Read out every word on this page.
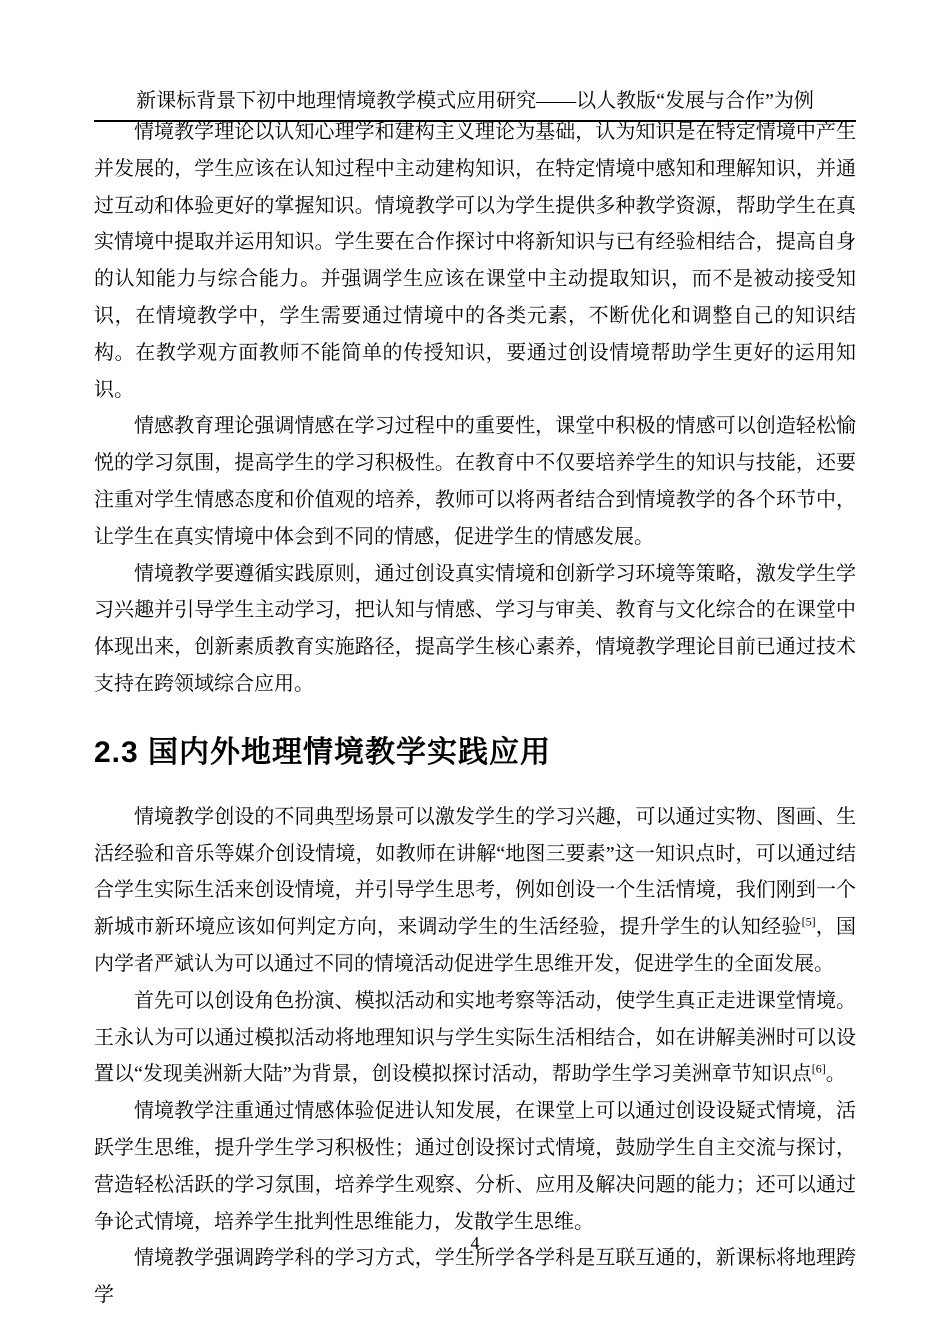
新课标背景下初中地理情境教学模式应用研究——以人教版“发展与合作”为例

情境教学理论以认知心理学和建构主义理论为基础，认为知识是在特定情境中产生并发展的，学生应该在认知过程中主动建构知识，在特定情境中感知和理解知识，并通过互动和体验更好的掌握知识。情境教学可以为学生提供多种教学资源，帮助学生在真实情境中提取并运用知识。学生要在合作探讨中将新知识与已有经验相结合，提高自身的认知能力与综合能力。并强调学生应该在课堂中主动提取知识，而不是被动接受知识，在情境教学中，学生需要通过情境中的各类元素，不断优化和调整自己的知识结构。在教学观方面教师不能简单的传授知识，要通过创设情境帮助学生更好的运用知识。

情感教育理论强调情感在学习过程中的重要性，课堂中积极的情感可以创造轻松愉悦的学习氛围，提高学生的学习积极性。在教育中不仅要培养学生的知识与技能，还要注重对学生情感态度和价值观的培养，教师可以将两者结合到情境教学的各个环节中，让学生在真实情境中体会到不同的情感，促进学生的情感发展。

情境教学要遵循实践原则，通过创设真实情境和创新学习环境等策略，激发学生学习兴趣并引导学生主动学习，把认知与情感、学习与审美、教育与文化综合的在课堂中体现出来，创新素质教育实施路径，提高学生核心素养，情境教学理论目前已通过技术支持在跨领域综合应用。

2.3 国内外地理情境教学实践应用

情境教学创设的不同典型场景可以激发学生的学习兴趣，可以通过实物、图画、生活经验和音乐等媒介创设情境，如教师在讲解“地图三要素”这一知识点时，可以通过结合学生实际生活来创设情境，并引导学生思考，例如创设一个生活情境，我们刚到一个新城市新环境应该如何判定方向，来调动学生的生活经验，提升学生的认知经验[5]，国内学者严斌认为可以通过不同的情境活动促进学生思维开发，促进学生的全面发展。

首先可以创设角色扮演、模拟活动和实地考察等活动，使学生真正走进课堂情境。王永认为可以通过模拟活动将地理知识与学生实际生活相结合，如在讲解美洲时可以设置以“发现美洲新大陆”为背景，创设模拟探讨活动，帮助学生学习美洲章节知识点[6]。

情境教学注重通过情感体验促进认知发展，在课堂上可以通过创设设疑式情境，活跃学生思维，提升学生学习积极性；通过创设探讨式情境，鼓励学生自主交流与探讨，营造轻松活跃的学习氛围，培养学生观察、分析、应用及解决问题的能力；还可以通过争论式情境，培养学生批判性思维能力，发散学生思维。

情境教学强调跨学科的学习方式，学生所学各学科是互联互通的，新课标将地理跨学

4
